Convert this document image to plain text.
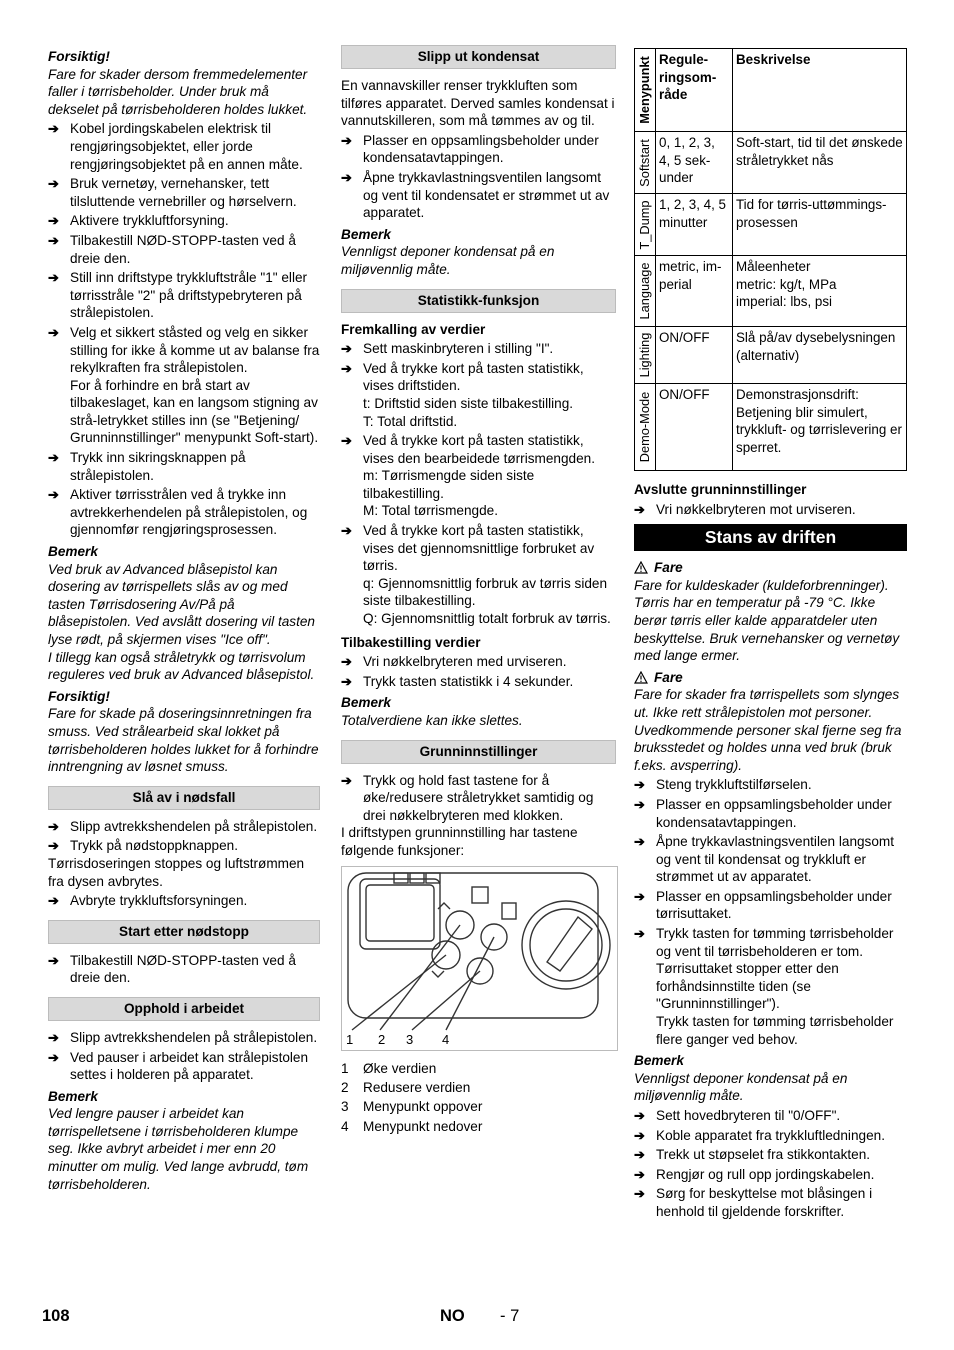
Forsiktig!
Fare for skader dersom fremmedelementer faller i tørrisbeholder. Under bruk må dekselet på tørrisbeholderen holdes lukket.
➔ Kobel jordingskabelen elektrisk til rengjøringsobjektet, eller jorde rengjøringsobjektet på en annen måte.
➔ Bruk vernetøy, vernehansker, tett tilsluttende vernebriller og hørselvern.
➔ Aktivere trykkluftforsyning.
➔ Tilbakestill NØD-STOPP-tasten ved å dreie den.
➔ Still inn driftstype trykkluftstråle "1" eller tørrisstråle "2" på driftstypebryteren på strålepistolen.
➔ Velg et sikkert ståsted og velg en sikker stilling for ikke å komme ut av balanse fra rekylkraften fra strålepistolen.
For å forhindre en brå start av tilbakeslaget, kan en langsom stigning av strå-letrykket stilles inn (se "Betjening/ Grunninnstillinger" menypunkt Soft-start).
➔ Trykk inn sikringsknappen på strålepistolen.
➔ Aktiver tørrisstrålen ved å trykke inn avtrekkerhendelen på strålepistolen, og gjennomfør rengjøringsprosessen.
Bemerk
Ved bruk av Advanced blåsepistol kan dosering av tørrispellets slås av og med tasten Tørrisdosering Av/På på blåsepistolen. Ved avslått dosering vil tasten lyse rødt, på skjermen vises "Ice off".
I tillegg kan også stråletrykk og tørrisvolum reguleres ved bruk av Advanced blåsepistol.
Forsiktig!
Fare for skade på doseringsinnretningen fra smuss. Ved strålearbeid skal lokket på tørrisbeholderen holdes lukket for å forhindre inntrengning av løsnet smuss.
Slå av i nødsfall
➔ Slipp avtrekkshendelen på strålepistolen.
➔ Trykk på nødstoppknappen.
Tørrisdoseringen stoppes og luftstrømmen fra dysen avbrytes.
➔ Avbryte trykkluftsforsyningen.
Start etter nødstopp
➔ Tilbakestill NØD-STOPP-tasten ved å dreie den.
Opphold i arbeidet
➔ Slipp avtrekkshendelen på strålepistolen.
➔ Ved pauser i arbeidet kan strålepistolen settes i holderen på apparatet.
Bemerk
Ved lengre pauser i arbeidet kan tørrispelletsene i tørrisbeholderen klumpe seg. Ikke avbryt arbeidet i mer enn 20 minutter om mulig. Ved lange avbrudd, tøm tørrisbeholderen.
Slipp ut kondensat
En vannavskiller renser trykkluften som tilføres apparatet. Derved samles kondensat i vannutskilleren, som må tømmes av og til.
➔ Plasser en oppsamlingsbeholder under kondensatavtappingen.
➔ Åpne trykkavlastningsventilen langsomt og vent til kondensatet er strømmet ut av apparatet.
Bemerk
Vennligst deponer kondensat på en miljøvennlig måte.
Statistikk-funksjon
Fremkalling av verdier
➔ Sett maskinbryteren i stilling "I".
➔ Ved å trykke kort på tasten statistikk, vises driftstiden.
t: Driftstid siden siste tilbakestilling.
T: Total driftstid.
➔ Ved å trykke kort på tasten statistikk, vises den bearbeidede tørrismengden.
m: Tørrismengde siden siste tilbakestilling.
M: Total tørrismengde.
➔ Ved å trykke kort på tasten statistikk, vises det gjennomsnittlige forbruket av tørris.
q: Gjennomsnittlig forbruk av tørris siden siste tilbakestilling.
Q: Gjennomsnittlig totalt forbruk av tørris.
Tilbakestilling verdier
➔ Vri nøkkelbryteren med urviseren.
➔ Trykk tasten statistikk i 4 sekunder.
Bemerk
Totalverdiene kan ikke slettes.
Grunninnstillinger
➔ Trykk og hold fast tastene for å øke/redusere stråletrykket samtidig og drei nøkkelbryteren med klokken.
I driftstypen grunninnstilling har tastene følgende funksjoner:
1 2 3 4
1	Øke verdien
2	Redusere verdien
3	Menypunkt oppover
4	Menypunkt nedover
Menypunkt	Regule-ringsom-råde	Beskrivelse

Softstart	0, 1, 2, 3, 4, 5 sek-under	Soft-start, tid til det ønskede stråletrykket nås

T_Dump	1, 2, 3, 4, 5 minutter	Tid for tørris-uttømmings-prosessen

Language	metric, im-perial	Måleenheter
metric: kg/t, MPa
imperial: lbs, psi

Lighting	ON/OFF	Slå på/av dysebelysningen (alternativ)

Demo-Mode	ON/OFF	Demonstrasjonsdrift: Betjening blir simulert, trykkluft- og tørrislevering er sperret.
Avslutte grunninnstillinger
➔ Vri nøkkelbryteren mot urviseren.
Stans av driften
Fare
Fare for kuldeskader (kuldeforbrenninger). Tørris har en temperatur på -79 °C. Ikke berør tørris eller kalde apparatdeler uten beskyttelse. Bruk vernehansker og vernetøy med lange ermer.
Fare
Fare for skader fra tørrispellets som slynges ut. Ikke rett strålepistolen mot personer. Uvedkommende personer skal fjerne seg fra bruksstedet og holdes unna ved bruk (bruk f.eks. avsperring).
➔ Steng trykkluftstilførselen.
➔ Plasser en oppsamlingsbeholder under kondensatavtappingen.
➔ Åpne trykkavlastningsventilen langsomt og vent til kondensat og trykkluft er strømmet ut av apparatet.
➔ Plasser en oppsamlingsbeholder under tørrisuttaket.
➔ Trykk tasten for tømming tørrisbeholder og vent til tørrisbeholderen er tom.
Tørrisuttaket stopper etter den forhåndsinnstilte tiden (se "Grunninnstillinger").
Trykk tasten for tømming tørrisbeholder flere ganger ved behov.
Bemerk
Vennligst deponer kondensat på en miljøvennlig måte.
➔ Sett hovedbryteren til "0/OFF".
➔ Koble apparatet fra trykkluftledningen.
➔ Trekk ut støpselet fra stikkontakten.
➔ Rengjør og rull opp jordingskabelen.
➔ Sørg for beskyttelse mot blåsingen i henhold til gjeldende forskrifter.
108	NO - 7
